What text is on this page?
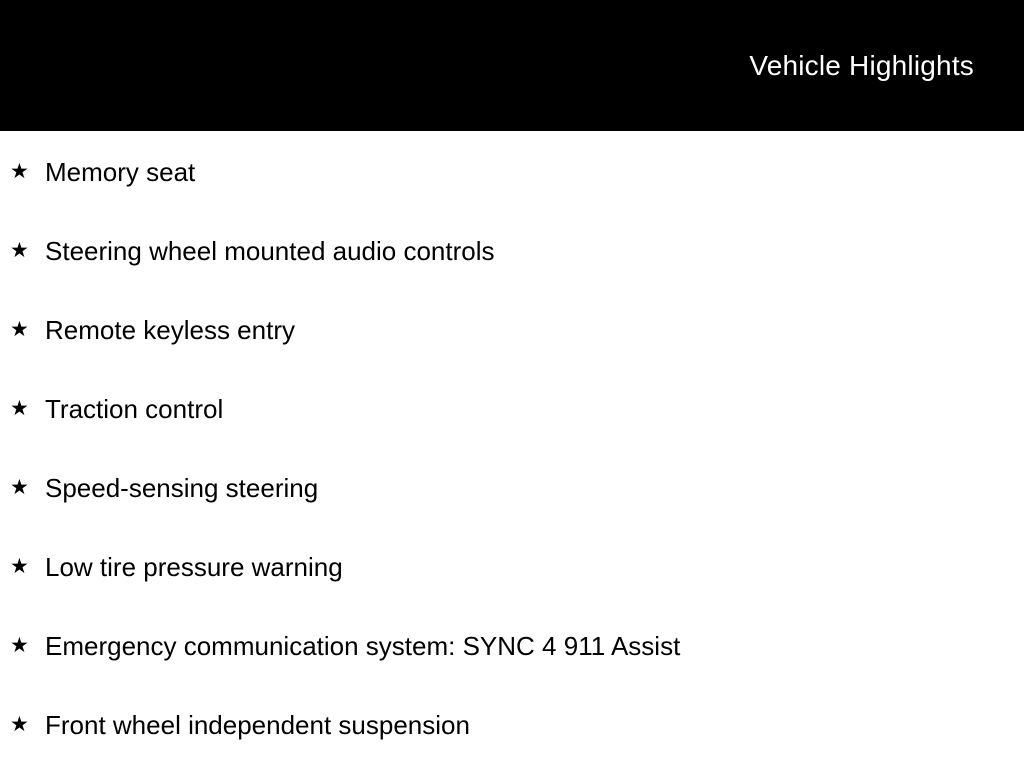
Vehicle Highlights
★ Memory seat
★ Steering wheel mounted audio controls
★ Remote keyless entry
★ Traction control
★ Speed-sensing steering
★ Low tire pressure warning
★ Emergency communication system: SYNC 4 911 Assist
★ Front wheel independent suspension
